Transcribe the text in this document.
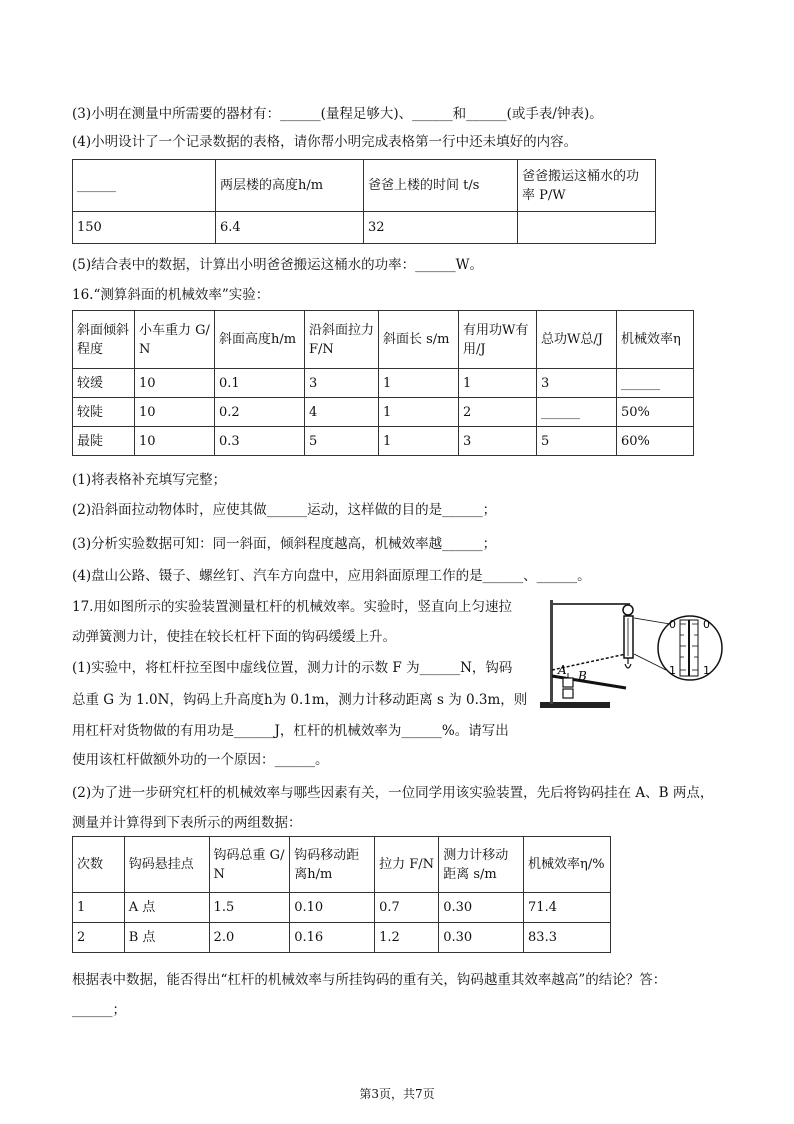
(3)小明在测量中所需要的器材有：______(量程足够大)、______和______(或手表/钟表)。
(4)小明设计了一个记录数据的表格，请你帮小明完成表格第一行中还未填好的内容。
______	两层楼的高度h/m	爸爸上楼的时间 t/s	爸爸搬运这桶水的功率 P/W
150	6.4	32	
(5)结合表中的数据，计算出小明爸爸搬运这桶水的功率：______W。
16.“测算斜面的机械效率”实验：
斜面倾斜程度	小车重力 G/N	斜面高度h/m	沿斜面拉力F/N	斜面长 s/m	有用功W有用/J	总功W总/J	机械效率η
较缓	10	0.1	3	1	1	3	______
较陡	10	0.2	4	1	2	______	50%
最陡	10	0.3	5	1	3	5	60%
(1)将表格补充填写完整；
(2)沿斜面拉动物体时，应使其做______运动，这样做的目的是______；
(3)分析实验数据可知：同一斜面，倾斜程度越高，机械效率越______；
(4)盘山公路、镊子、螺丝钉、汽车方向盘中，应用斜面原理工作的是______、______。
17.用如图所示的实验装置测量杠杆的机械效率。实验时，竖直向上匀速拉
动弹簧测力计，使挂在较长杠杆下面的钩码缓缓上升。
(1)实验中，将杠杆拉至图中虚线位置，测力计的示数 F 为______N，钩码
总重 G 为 1.0N，钩码上升高度h为 0.1m，测力计移动距离 s 为 0.3m，则
用杠杆对货物做的有用功是______J，杠杆的机械效率为______%。请写出
使用该杠杆做额外功的一个原因：______。
(2)为了进一步研究杠杆的机械效率与哪些因素有关，一位同学用该实验装置，先后将钩码挂在 A、B 两点，
测量并计算得到下表所示的两组数据：
A B
0 0
1 1
次数	钩码悬挂点	钩码总重 G/N	钩码移动距离h/m	拉力 F/N	测力计移动距离 s/m	机械效率η/%
1	A 点	1.5	0.10	0.7	0.30	71.4
2	B 点	2.0	0.16	1.2	0.30	83.3
根据表中数据，能否得出“杠杆的机械效率与所挂钩码的重有关，钩码越重其效率越高”的结论？答：
______；
第3页，共7页
